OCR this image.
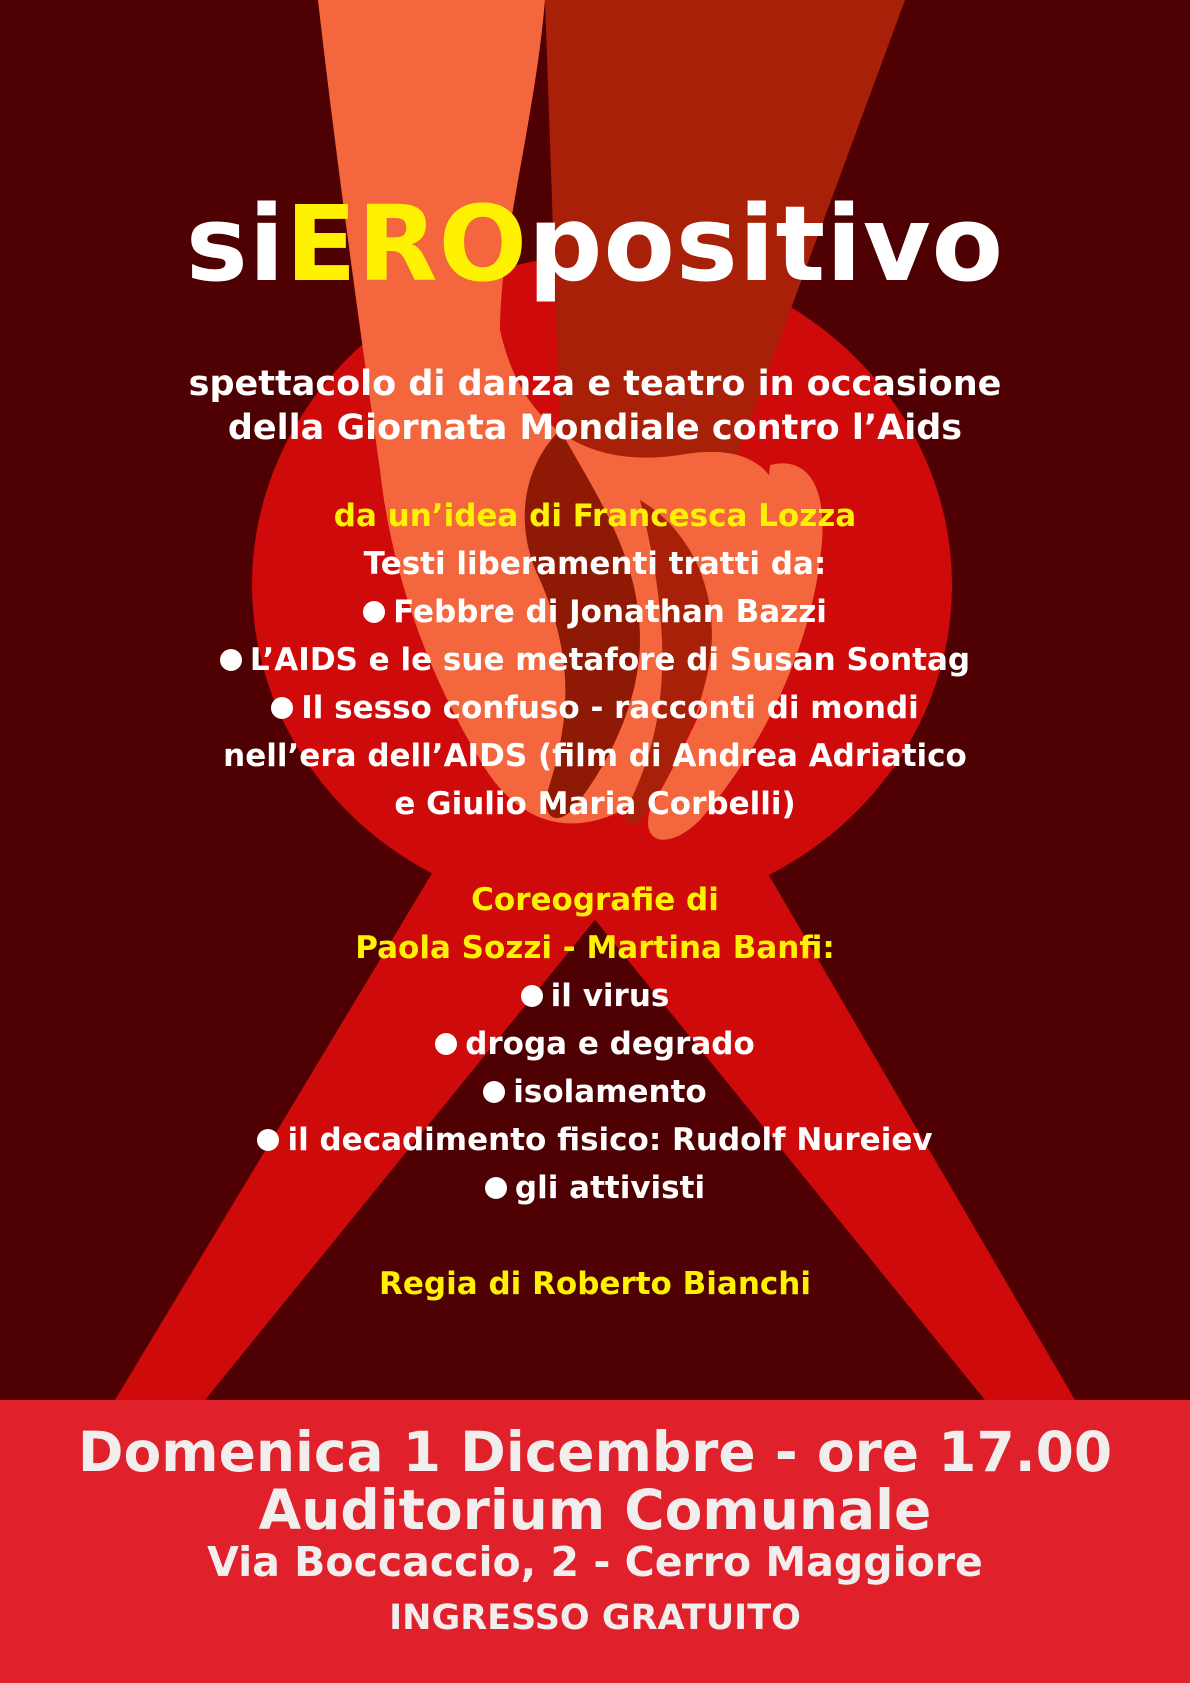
siEROpositivo
spettacolo di danza e teatro in occasione
della Giornata Mondiale contro l’Aids
da un’idea di Francesca Lozza
Testi liberamenti tratti da:
Febbre di Jonathan Bazzi
L’AIDS e le sue metafore di Susan Sontag
Il sesso confuso - racconti di mondi
nell’era dell’AIDS (film di Andrea Adriatico
e Giulio Maria Corbelli)
Coreografie di
Paola Sozzi - Martina Banfi:
il virus
droga e degrado
isolamento
il decadimento fisico: Rudolf Nureiev
gli attivisti
Regia di Roberto Bianchi

Domenica 1 Dicembre - ore 17.00

Auditorium Comunale

Via Boccaccio, 2 - Cerro Maggiore

INGRESSO GRATUITO
